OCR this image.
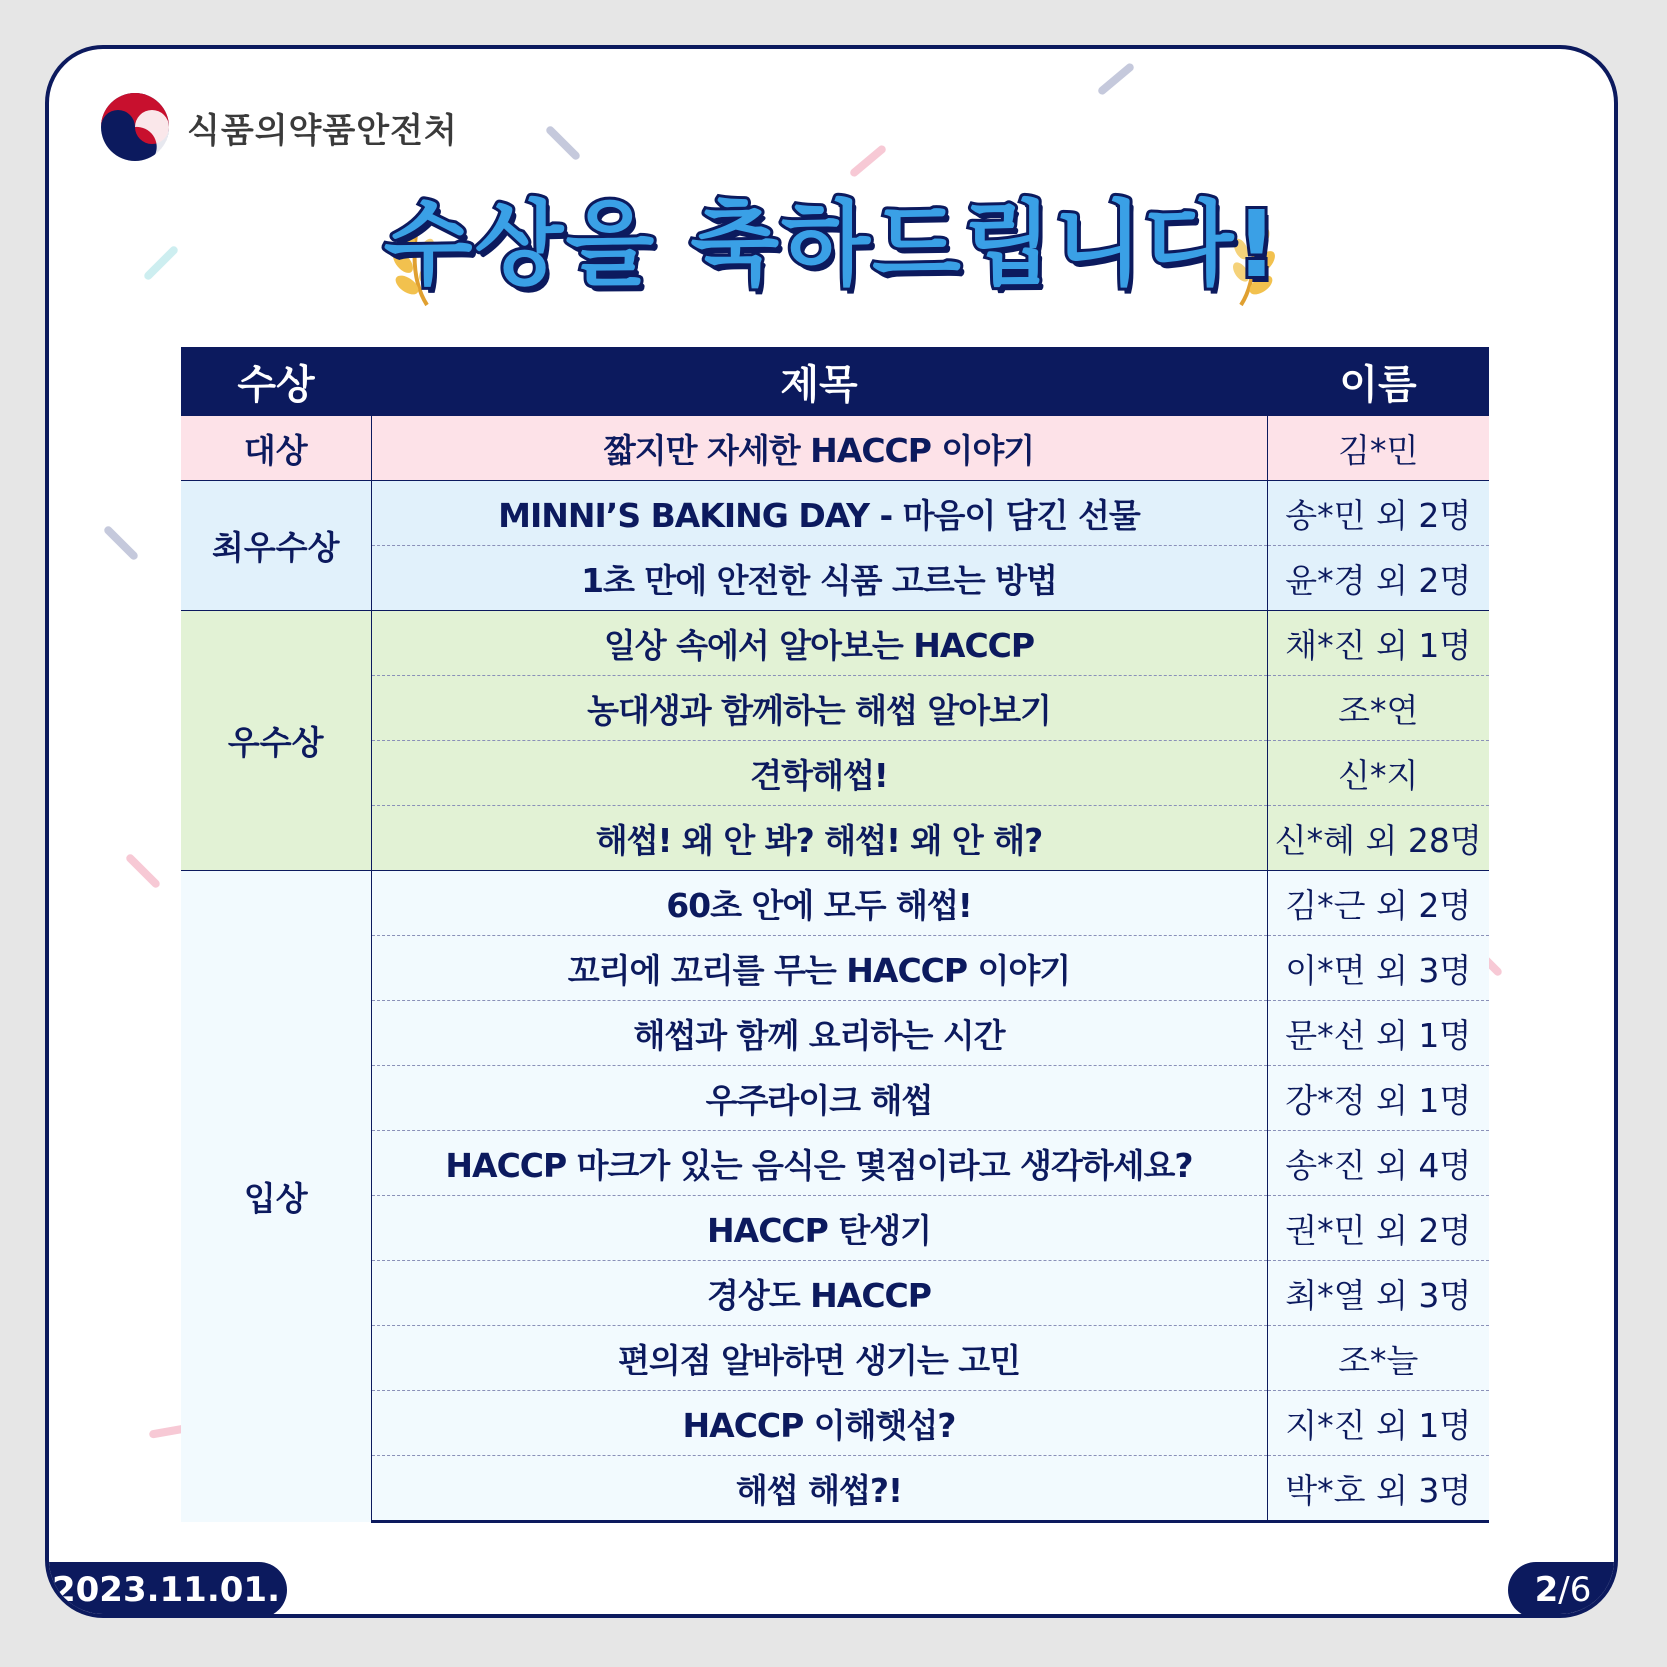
식품의약품안전처
수상을 축하드립니다!
수상	제목	이름
대상	짧지만 자세한 HACCP 이야기	김*민
최우수상	MINNI’S BAKING DAY - 마음이 담긴 선물	송*민 외 2명
	1초 만에 안전한 식품 고르는 방법	윤*경 외 2명
우수상	일상 속에서 알아보는 HACCP	채*진 외 1명
	농대생과 함께하는 해썹 알아보기	조*연
	견학해썹!	신*지
	해썹! 왜 안 봐? 해썹! 왜 안 해?	신*혜 외 28명
입상	60초 안에 모두 해썹!	김*근 외 2명
	꼬리에 꼬리를 무는 HACCP 이야기	이*면 외 3명
	해썹과 함께 요리하는 시간	문*선 외 1명
	우주라이크 해썹	강*정 외 1명
	HACCP 마크가 있는 음식은 몇점이라고 생각하세요?	송*진 외 4명
	HACCP 탄생기	권*민 외 2명
	경상도 HACCP	최*열 외 3명
	편의점 알바하면 생기는 고민	조*늘
	HACCP 이해햇섭?	지*진 외 1명
	해썹 해썹?!	박*호 외 3명
2023.11.01.	2/6
